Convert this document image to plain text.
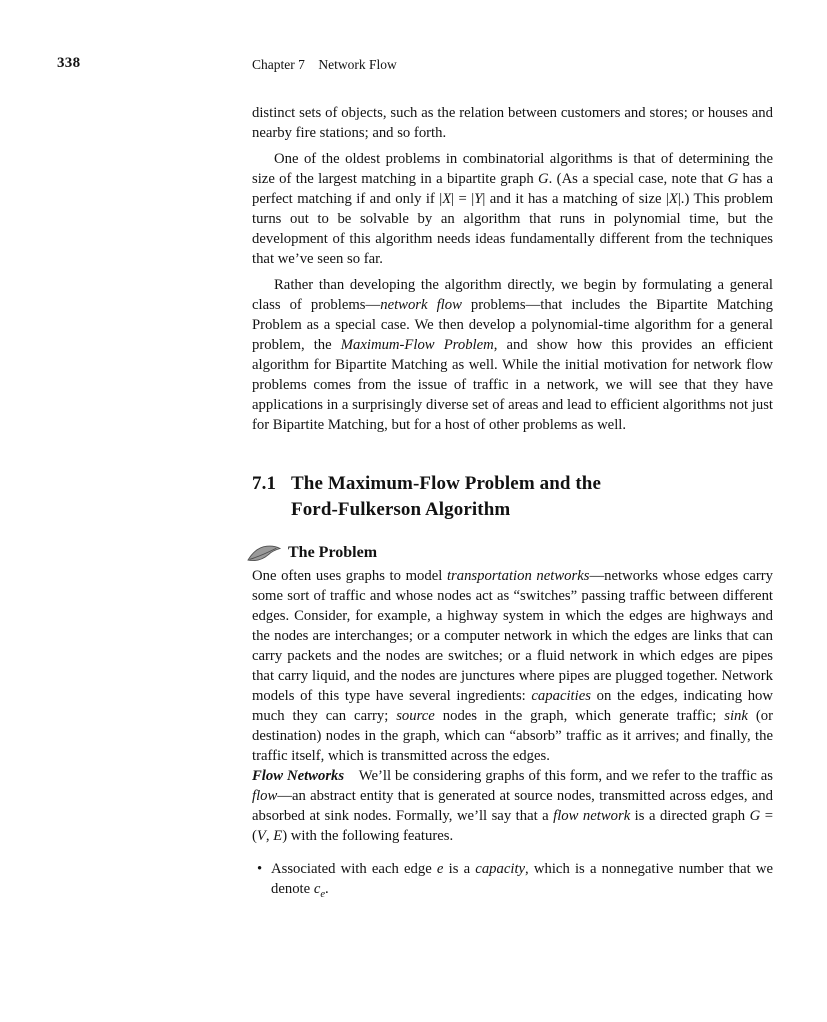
338	Chapter 7 Network Flow

distinct sets of objects, such as the relation between customers and stores; or houses and nearby fire stations; and so forth.

One of the oldest problems in combinatorial algorithms is that of determining the size of the largest matching in a bipartite graph G. (As a special case, note that G has a perfect matching if and only if |X| = |Y| and it has a matching of size |X|.) This problem turns out to be solvable by an algorithm that runs in polynomial time, but the development of this algorithm needs ideas fundamentally different from the techniques that we’ve seen so far.

Rather than developing the algorithm directly, we begin by formulating a general class of problems—network flow problems—that includes the Bipartite Matching Problem as a special case. We then develop a polynomial-time algorithm for a general problem, the Maximum-Flow Problem, and show how this provides an efficient algorithm for Bipartite Matching as well. While the initial motivation for network flow problems comes from the issue of traffic in a network, we will see that they have applications in a surprisingly diverse set of areas and lead to efficient algorithms not just for Bipartite Matching, but for a host of other problems as well.

7.1 The Maximum-Flow Problem and the
Ford-Fulkerson Algorithm
The Problem

One often uses graphs to model transportation networks—networks whose edges carry some sort of traffic and whose nodes act as “switches” passing traffic between different edges. Consider, for example, a highway system in which the edges are highways and the nodes are interchanges; or a computer network in which the edges are links that can carry packets and the nodes are switches; or a fluid network in which edges are pipes that carry liquid, and the nodes are junctures where pipes are plugged together. Network models of this type have several ingredients: capacities on the edges, indicating how much they can carry; source nodes in the graph, which generate traffic; sink (or destination) nodes in the graph, which can “absorb” traffic as it arrives; and finally, the traffic itself, which is transmitted across the edges.

Flow Networks We’ll be considering graphs of this form, and we refer to the traffic as flow—an abstract entity that is generated at source nodes, transmitted across edges, and absorbed at sink nodes. Formally, we’ll say that a flow network is a directed graph G = (V, E) with the following features.

• Associated with each edge e is a capacity, which is a nonnegative number that we denote $c_e$.
